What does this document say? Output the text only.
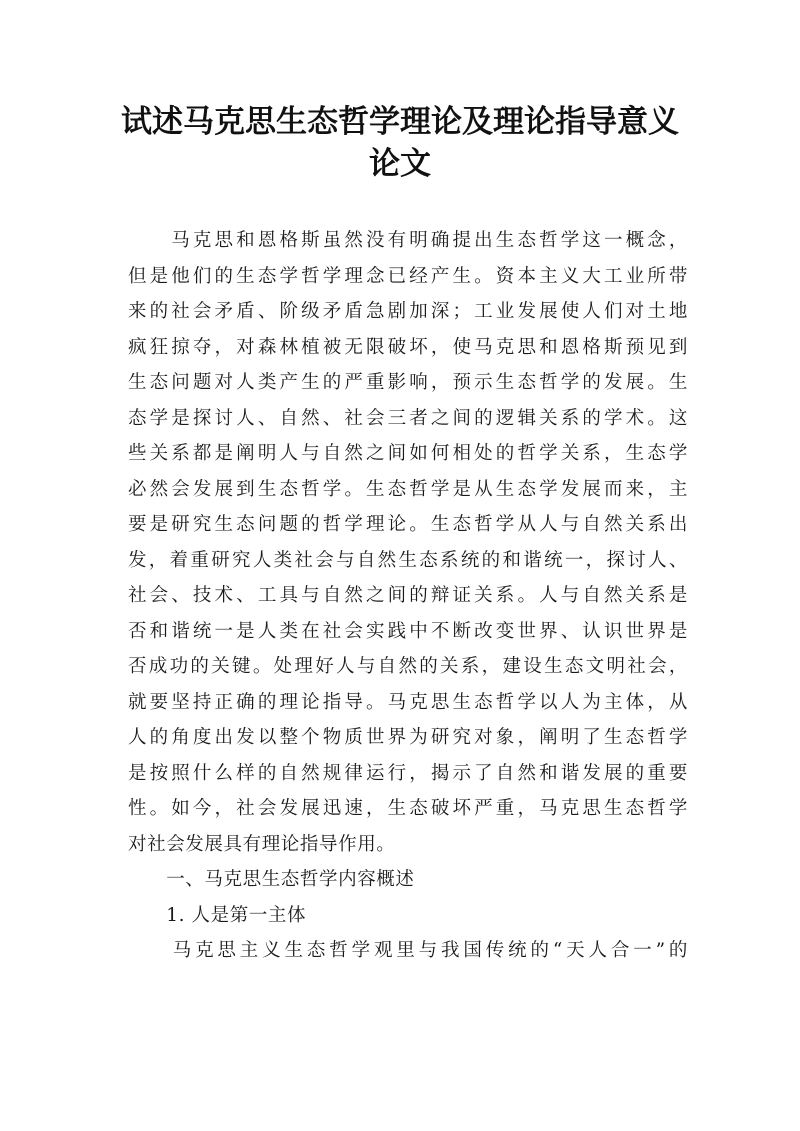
试述马克思生态哲学理论及理论指导意义
论文
　　马克思和恩格斯虽然没有明确提出生态哲学这一概念，
但是他们的生态学哲学理念已经产生。资本主义大工业所带
来的社会矛盾、阶级矛盾急剧加深；工业发展使人们对土地
疯狂掠夺，对森林植被无限破坏，使马克思和恩格斯预见到
生态问题对人类产生的严重影响，预示生态哲学的发展。生
态学是探讨人、自然、社会三者之间的逻辑关系的学术。这
些关系都是阐明人与自然之间如何相处的哲学关系，生态学
必然会发展到生态哲学。生态哲学是从生态学发展而来，主
要是研究生态问题的哲学理论。生态哲学从人与自然关系出
发，着重研究人类社会与自然生态系统的和谐统一，探讨人、
社会、技术、工具与自然之间的辩证关系。人与自然关系是
否和谐统一是人类在社会实践中不断改变世界、认识世界是
否成功的关键。处理好人与自然的关系，建设生态文明社会，
就要坚持正确的理论指导。马克思生态哲学以人为主体，从
人的角度出发以整个物质世界为研究对象，阐明了生态哲学
是按照什么样的自然规律运行，揭示了自然和谐发展的重要
性。如今，社会发展迅速，生态破坏严重，马克思生态哲学
对社会发展具有理论指导作用。
　　一、马克思生态哲学内容概述
　　1. 人是第一主体
　　马克思主义生态哲学观里与我国传统的“天人合一”的
